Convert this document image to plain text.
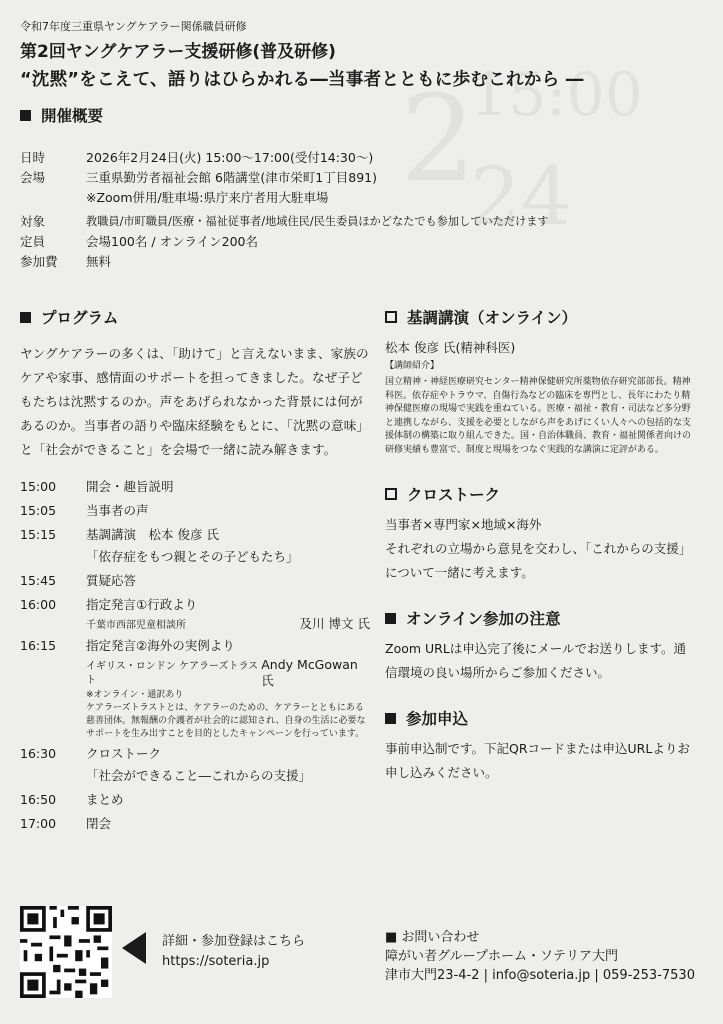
2
24
15:00
令和7年度三重県ヤングケアラー関係職員研修
第2回ヤングケアラー支援研修(普及研修)
“沈黙”をこえて、語りはひらかれる―当事者とともに歩むこれから ―
開催概要
日時	2026年2月24日(火) 15:00〜17:00(受付14:30〜)
会場	三重県勤労者福祉会館 6階講堂(津市栄町1丁目891)
※Zoom併用/駐車場:県庁来庁者用大駐車場
対象	教職員/市町職員/医療・福祉従事者/地域住民/民生委員ほかどなたでも参加していただけます
定員	会場100名 / オンライン200名
参加費	無料
プログラム

ヤングケアラーの多くは、「助けて」と言えないまま、家族のケアや家事、感情面のサポートを担ってきました。なぜ子どもたちは沈黙するのか。声をあげられなかった背景には何があるのか。当事者の語りや臨床経験をもとに、「沈黙の意味」と「社会ができること」を会場で一緒に読み解きます。

15:00	開会・趣旨説明
15:05	当事者の声
15:15	基調講演　松本 俊彦 氏
「依存症をもつ親とその子どもたち」
15:45	質疑応答
16:00	指定発言①行政より
千葉市西部児童相談所	及川 博文 氏
16:15	指定発言②海外の実例より
イギリス・ロンドン ケアラーズトラスト
Andy McGowan 氏
※オンライン・通訳あり
ケアラーズトラストとは、ケアラーのための、ケアラーとともにある慈善団体。無報酬の介護者が社会的に認知され、自身の生活に必要なサポートを生み出すことを目的としたキャンペーンを行っています。
16:30	クロストーク
「社会ができること―これからの支援」
16:50	まとめ
17:00	閉会
基調講演（オンライン）
松本 俊彦 氏(精神科医)
【講師紹介】

国立精神・神経医療研究センター精神保健研究所薬物依存研究部部長。精神科医。依存症やトラウマ、自傷行為などの臨床を専門とし、長年にわたり精神保健医療の現場で実践を重ねている。医療・福祉・教育・司法など多分野と連携しながら、支援を必要としながら声をあげにくい人々への包括的な支援体制の構築に取り組んできた。国・自治体職員、教育・福祉関係者向けの研修実績も豊富で、制度と現場をつなぐ実践的な講演に定評がある。

クロストーク
当事者×専門家×地域×海外
それぞれの立場から意見を交わし、「これからの支援」について一緒に考えます。
オンライン参加の注意
Zoom URLは申込完了後にメールでお送りします。通信環境の良い場所からご参加ください。
参加申込
事前申込制です。下記QRコードまたは申込URLよりお申し込みください。
詳細・参加登録はこちら
https://soteria.jp
■ お問い合わせ
障がい者グループホーム・ソテリア大門
津市大門23-4-2 | info@soteria.jp | 059-253-7530
